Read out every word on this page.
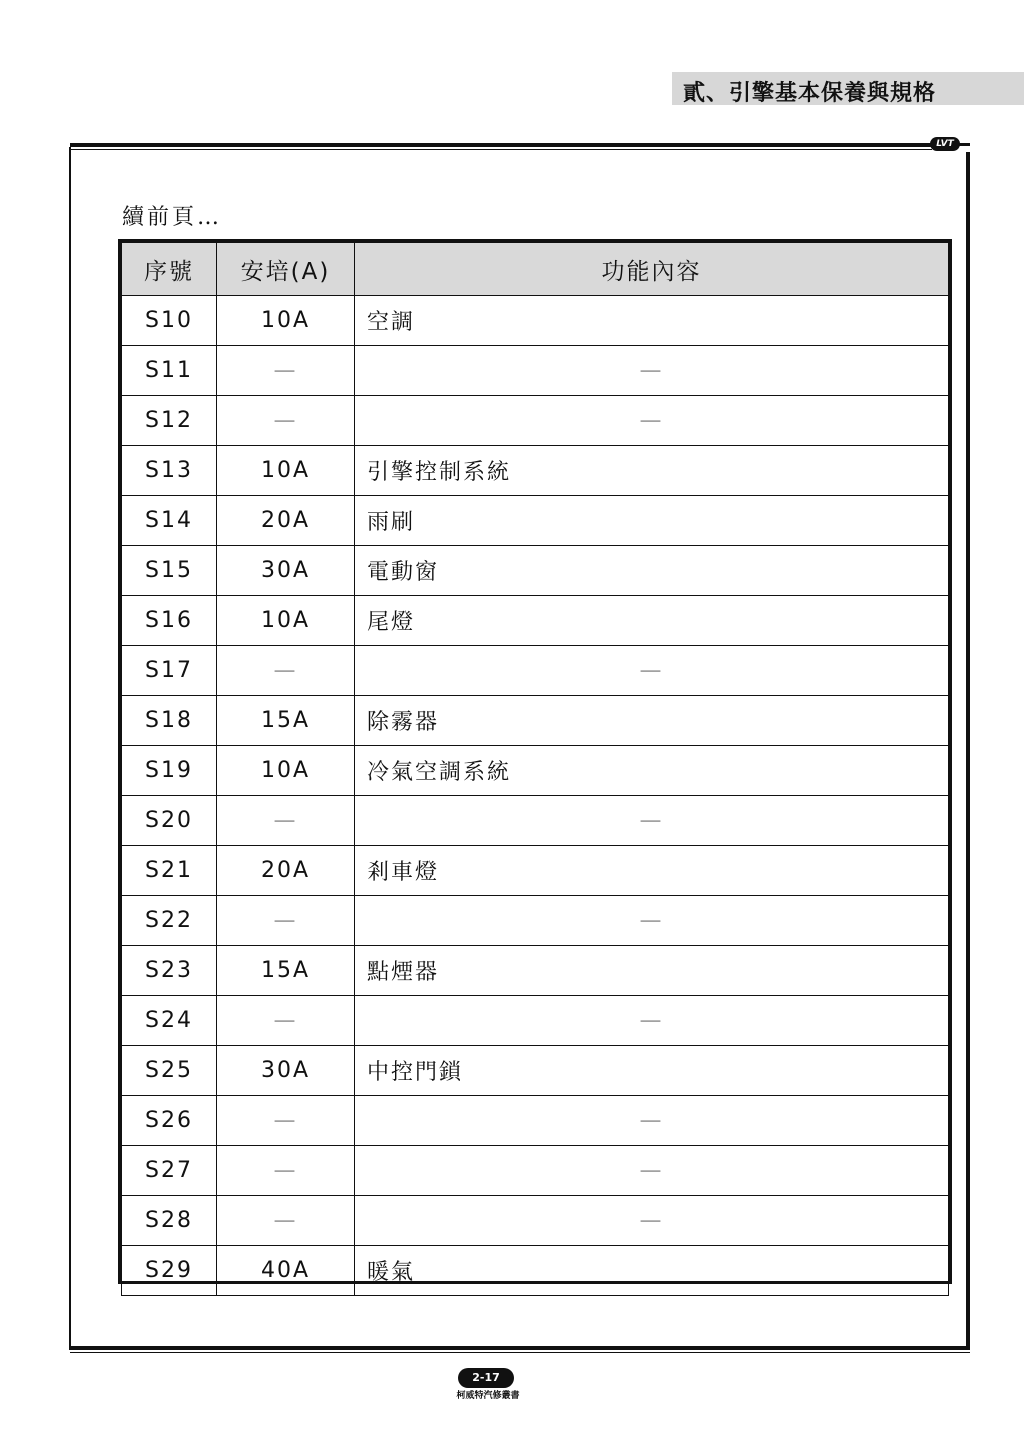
貳、引擎基本保養與規格
LVT
續前頁…
序號	安培(A)	功能內容
S10	10A	空調
S11	—	—
S12	—	—
S13	10A	引擎控制系統
S14	20A	雨刷
S15	30A	電動窗
S16	10A	尾燈
S17	—	—
S18	15A	除霧器
S19	10A	冷氣空調系統
S20	—	—
S21	20A	剎車燈
S22	—	—
S23	15A	點煙器
S24	—	—
S25	30A	中控門鎖
S26	—	—
S27	—	—
S28	—	—
S29	40A	暖氣
2-17
柯威特汽修叢書
